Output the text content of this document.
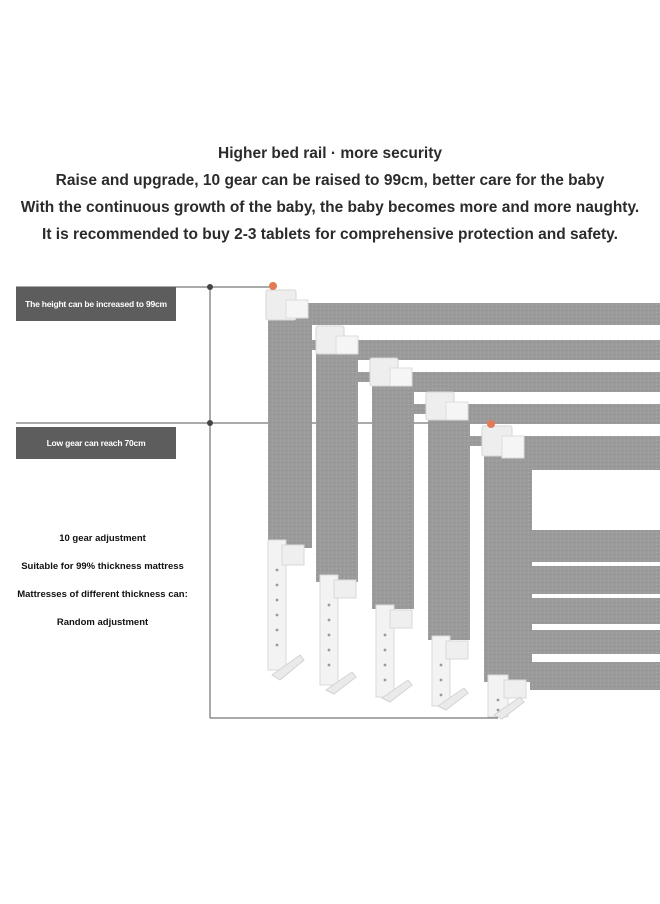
Higher bed rail · more security
Raise and upgrade, 10 gear can be raised to 99cm, better care for the baby
With the continuous growth of the baby, the baby becomes more and more naughty.
It is recommended to buy 2-3 tablets for comprehensive protection and safety.
The height can be increased to 99cm
Low gear can reach 70cm
10 gear adjustment
Suitable for 99% thickness mattress
Mattresses of different thickness can:
Random adjustment
